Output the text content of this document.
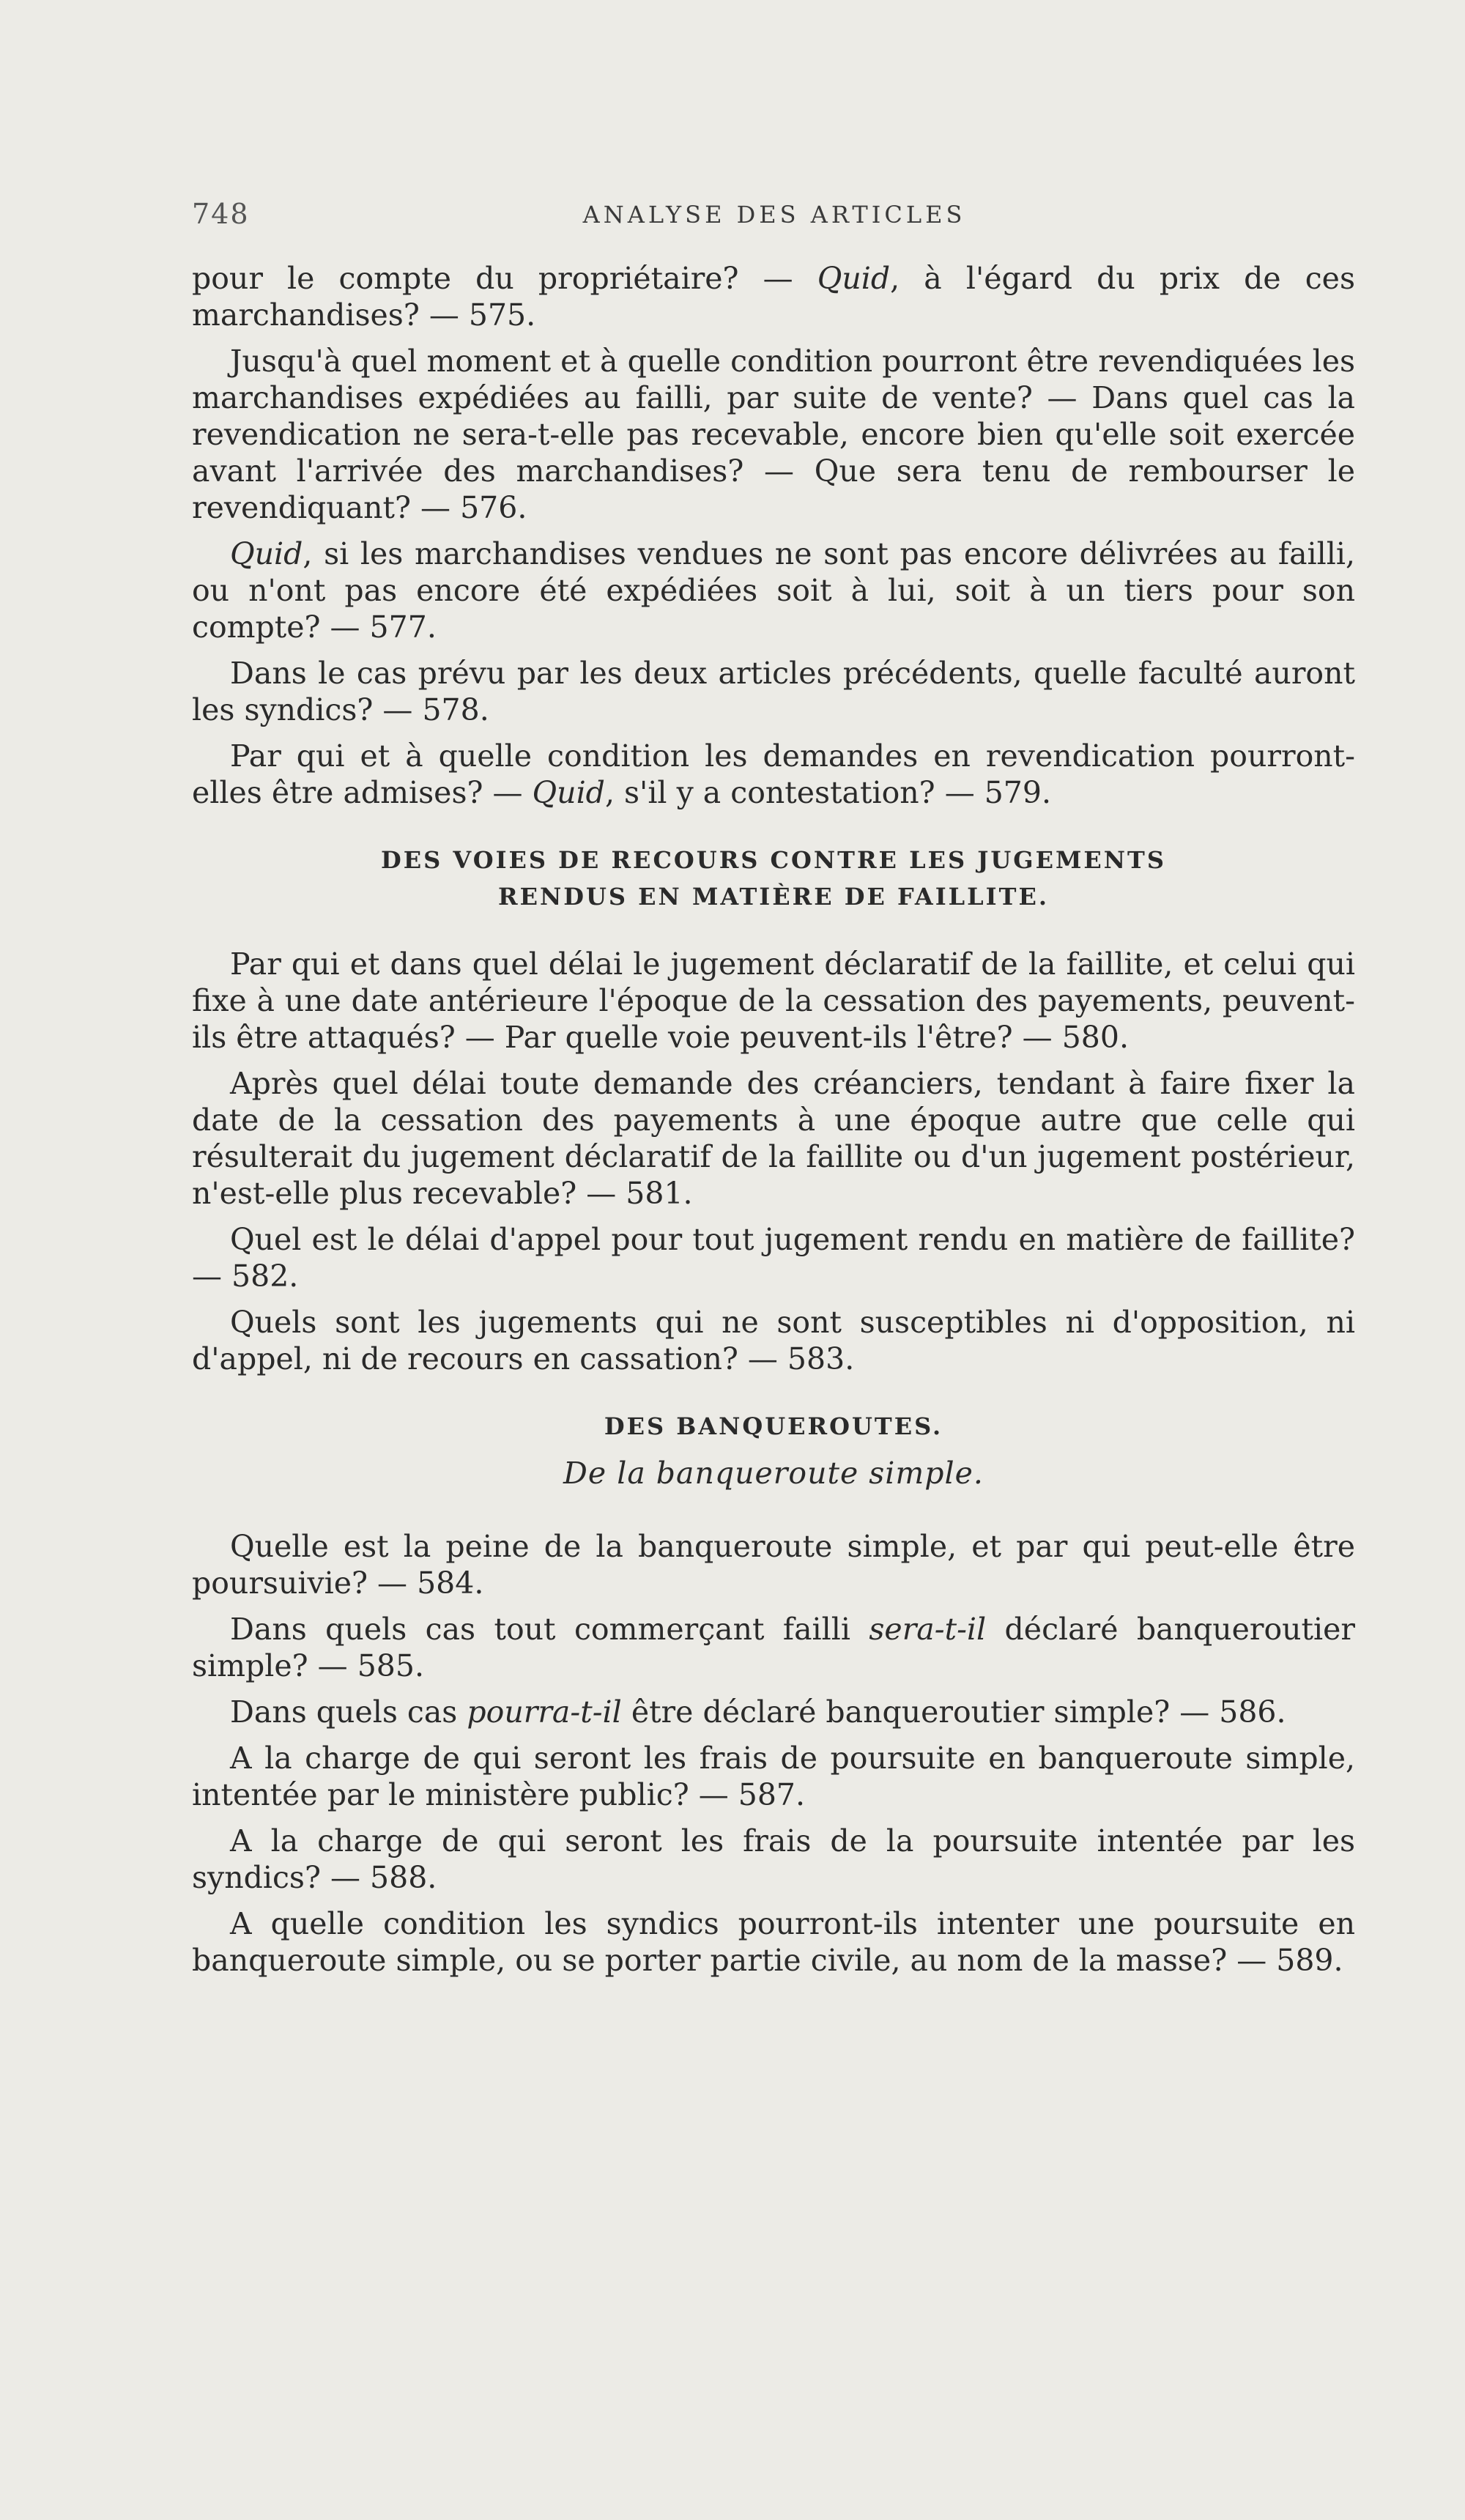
748	ANALYSE DES ARTICLES

pour le compte du propriétaire? — Quid, à l'égard du prix de ces marchandises? — 575.

Jusqu'à quel moment et à quelle condition pourront être revendiquées les marchandises expédiées au failli, par suite de vente? — Dans quel cas la revendication ne sera-t-elle pas recevable, encore bien qu'elle soit exercée avant l'arrivée des marchandises? — Que sera tenu de rembourser le revendiquant? — 576.

Quid, si les marchandises vendues ne sont pas encore délivrées au failli, ou n'ont pas encore été expédiées soit à lui, soit à un tiers pour son compte? — 577.

Dans le cas prévu par les deux articles précédents, quelle faculté auront les syndics? — 578.

Par qui et à quelle condition les demandes en revendication pourront-elles être admises? — Quid, s'il y a contestation? — 579.

DES VOIES DE RECOURS CONTRE LES JUGEMENTS
RENDUS EN MATIÈRE DE FAILLITE.

Par qui et dans quel délai le jugement déclaratif de la faillite, et celui qui fixe à une date antérieure l'époque de la cessation des payements, peuvent-ils être attaqués? — Par quelle voie peuvent-ils l'être? — 580.

Après quel délai toute demande des créanciers, tendant à faire fixer la date de la cessation des payements à une époque autre que celle qui résulterait du jugement déclaratif de la faillite ou d'un jugement postérieur, n'est-elle plus recevable? — 581.

Quel est le délai d'appel pour tout jugement rendu en matière de faillite? — 582.

Quels sont les jugements qui ne sont susceptibles ni d'opposition, ni d'appel, ni de recours en cassation? — 583.

DES BANQUEROUTES.
De la banqueroute simple.

Quelle est la peine de la banqueroute simple, et par qui peut-elle être poursuivie? — 584.

Dans quels cas tout commerçant failli sera-t-il déclaré banqueroutier simple? — 585.

Dans quels cas pourra-t-il être déclaré banqueroutier simple? — 586.

A la charge de qui seront les frais de poursuite en banqueroute simple, intentée par le ministère public? — 587.

A la charge de qui seront les frais de la poursuite intentée par les syndics? — 588.

A quelle condition les syndics pourront-ils intenter une poursuite en banqueroute simple, ou se porter partie civile, au nom de la masse? — 589.
